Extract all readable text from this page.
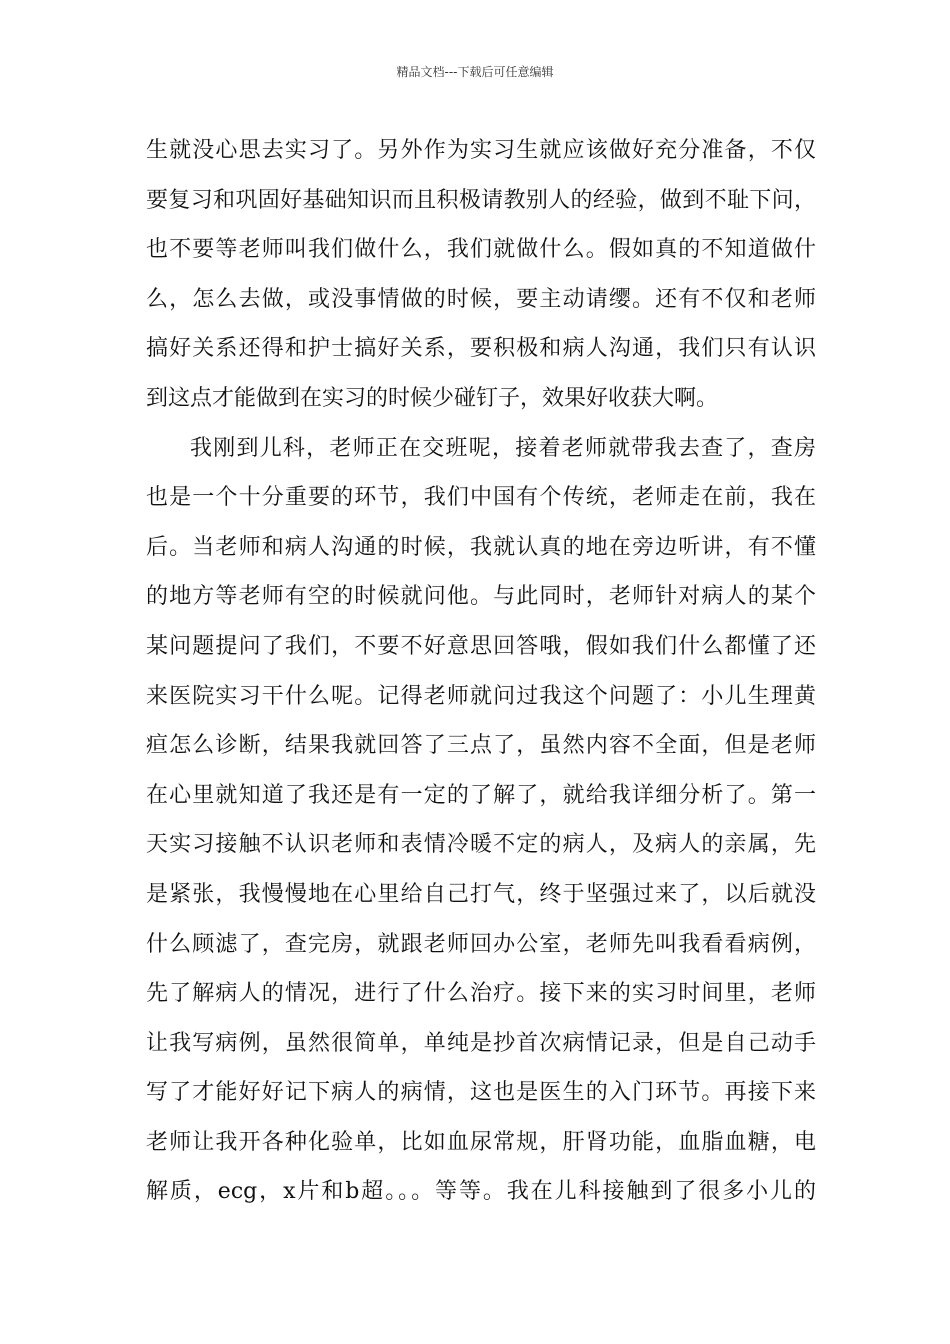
精品文档---下载后可任意编辑
生就没心思去实习了。另外作为实习生就应该做好充分准备，不仅
要复习和巩固好基础知识而且积极请教别人的经验，做到不耻下问，
也不要等老师叫我们做什么，我们就做什么。假如真的不知道做什
么，怎么去做，或没事情做的时候，要主动请缨。还有不仅和老师
搞好关系还得和护士搞好关系，要积极和病人沟通，我们只有认识
到这点才能做到在实习的时候少碰钉子，效果好收获大啊。
我刚到儿科，老师正在交班呢，接着老师就带我去查了，查房
也是一个十分重要的环节，我们中国有个传统，老师走在前，我在
后。当老师和病人沟通的时候，我就认真的地在旁边听讲，有不懂
的地方等老师有空的时候就问他。与此同时，老师针对病人的某个
某问题提问了我们，不要不好意思回答哦，假如我们什么都懂了还
来医院实习干什么呢。记得老师就问过我这个问题了：小儿生理黄
疸怎么诊断，结果我就回答了三点了，虽然内容不全面，但是老师
在心里就知道了我还是有一定的了解了，就给我详细分析了。第一
天实习接触不认识老师和表情冷暖不定的病人，及病人的亲属，先
是紧张，我慢慢地在心里给自己打气，终于坚强过来了，以后就没
什么顾滤了，查完房，就跟老师回办公室，老师先叫我看看病例，
先了解病人的情况，进行了什么治疗。接下来的实习时间里，老师
让我写病例，虽然很简单，单纯是抄首次病情记录，但是自己动手
写了才能好好记下病人的病情，这也是医生的入门环节。再接下来
老师让我开各种化验单，比如血尿常规，肝肾功能，血脂血糖，电
解质，ecg，x片和b超。。。等等。我在儿科接触到了很多小儿的
